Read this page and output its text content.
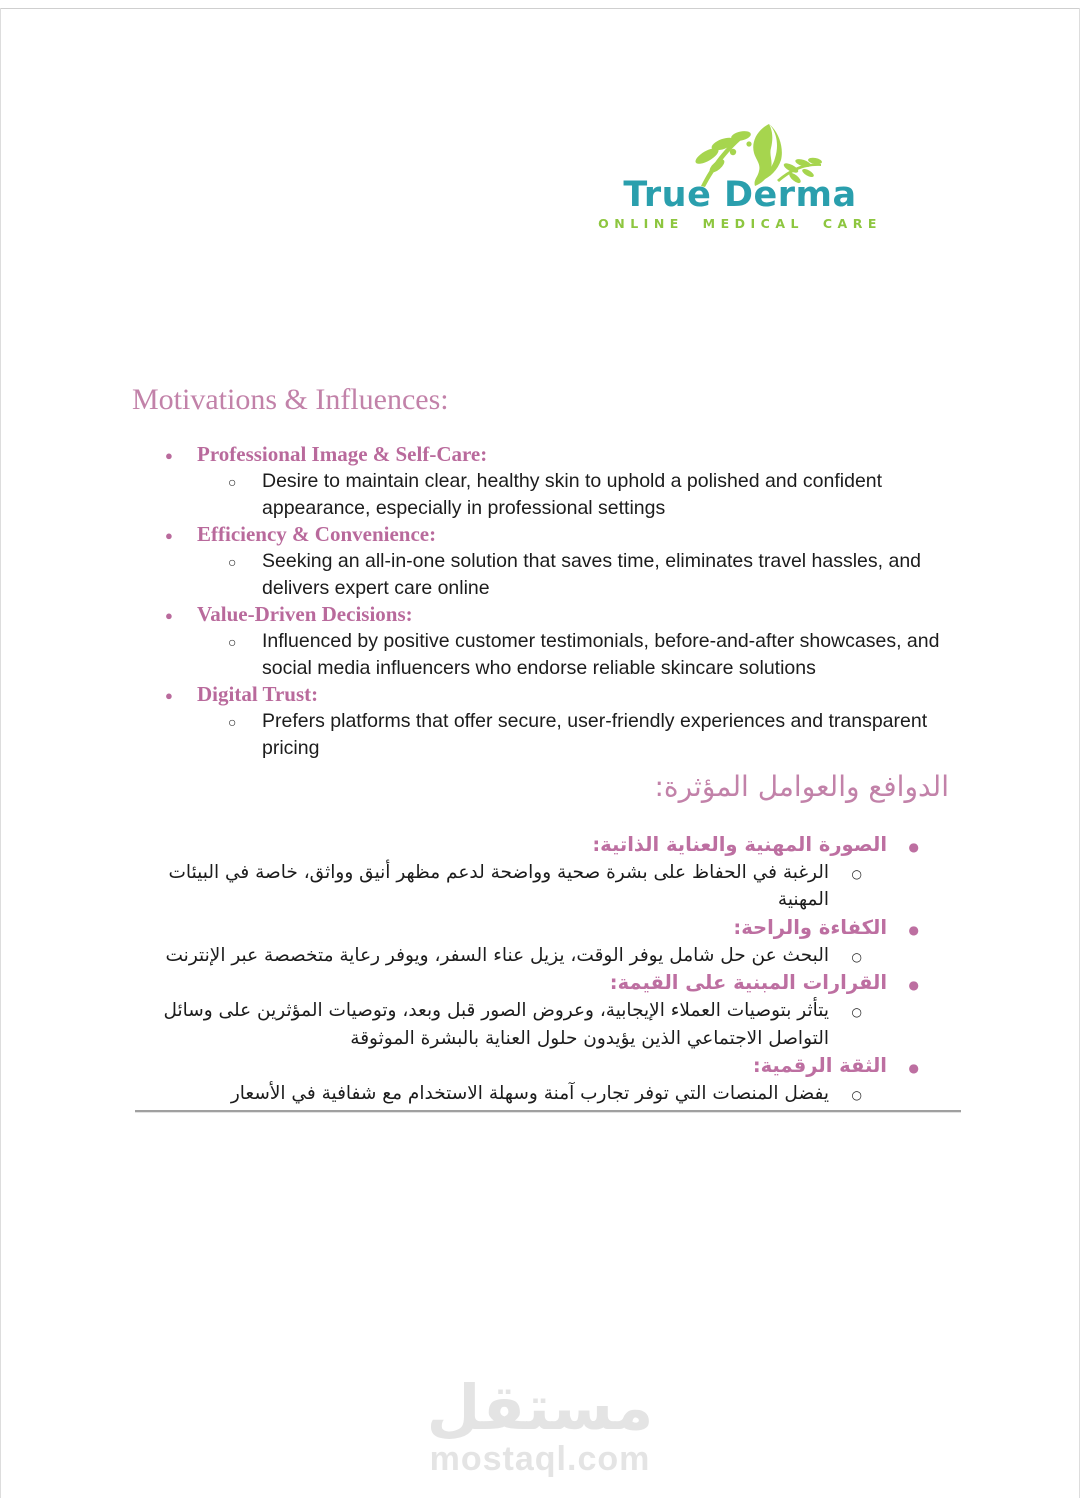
True Derma
ONLINE MEDICAL CARE
Motivations & Influences:
● Professional Image & Self-Care:
○ Desire to maintain clear, healthy skin to uphold a polished and confident appearance, especially in professional settings
● Efficiency & Convenience:
○ Seeking an all-in-one solution that saves time, eliminates travel hassles, and delivers expert care online
● Value-Driven Decisions:
○ Influenced by positive customer testimonials, before-and-after showcases, and social media influencers who endorse reliable skincare solutions
● Digital Trust:
○ Prefers platforms that offer secure, user-friendly experiences and transparent pricing
الدوافع والعوامل المؤثرة:
● الصورة المهنية والعناية الذاتية:
○ الرغبة في الحفاظ على بشرة صحية وواضحة لدعم مظهر أنيق وواثق، خاصة في البيئات المهنية
● الكفاءة والراحة:
○ البحث عن حل شامل يوفر الوقت، يزيل عناء السفر، ويوفر رعاية متخصصة عبر الإنترنت
● القرارات المبنية على القيمة:
○ يتأثر بتوصيات العملاء الإيجابية، وعروض الصور قبل وبعد، وتوصيات المؤثرين على وسائل التواصل الاجتماعي الذين يؤيدون حلول العناية بالبشرة الموثوقة
● الثقة الرقمية:
○ يفضل المنصات التي توفر تجارب آمنة وسهلة الاستخدام مع شفافية في الأسعار
مستقل
mostaql.com
